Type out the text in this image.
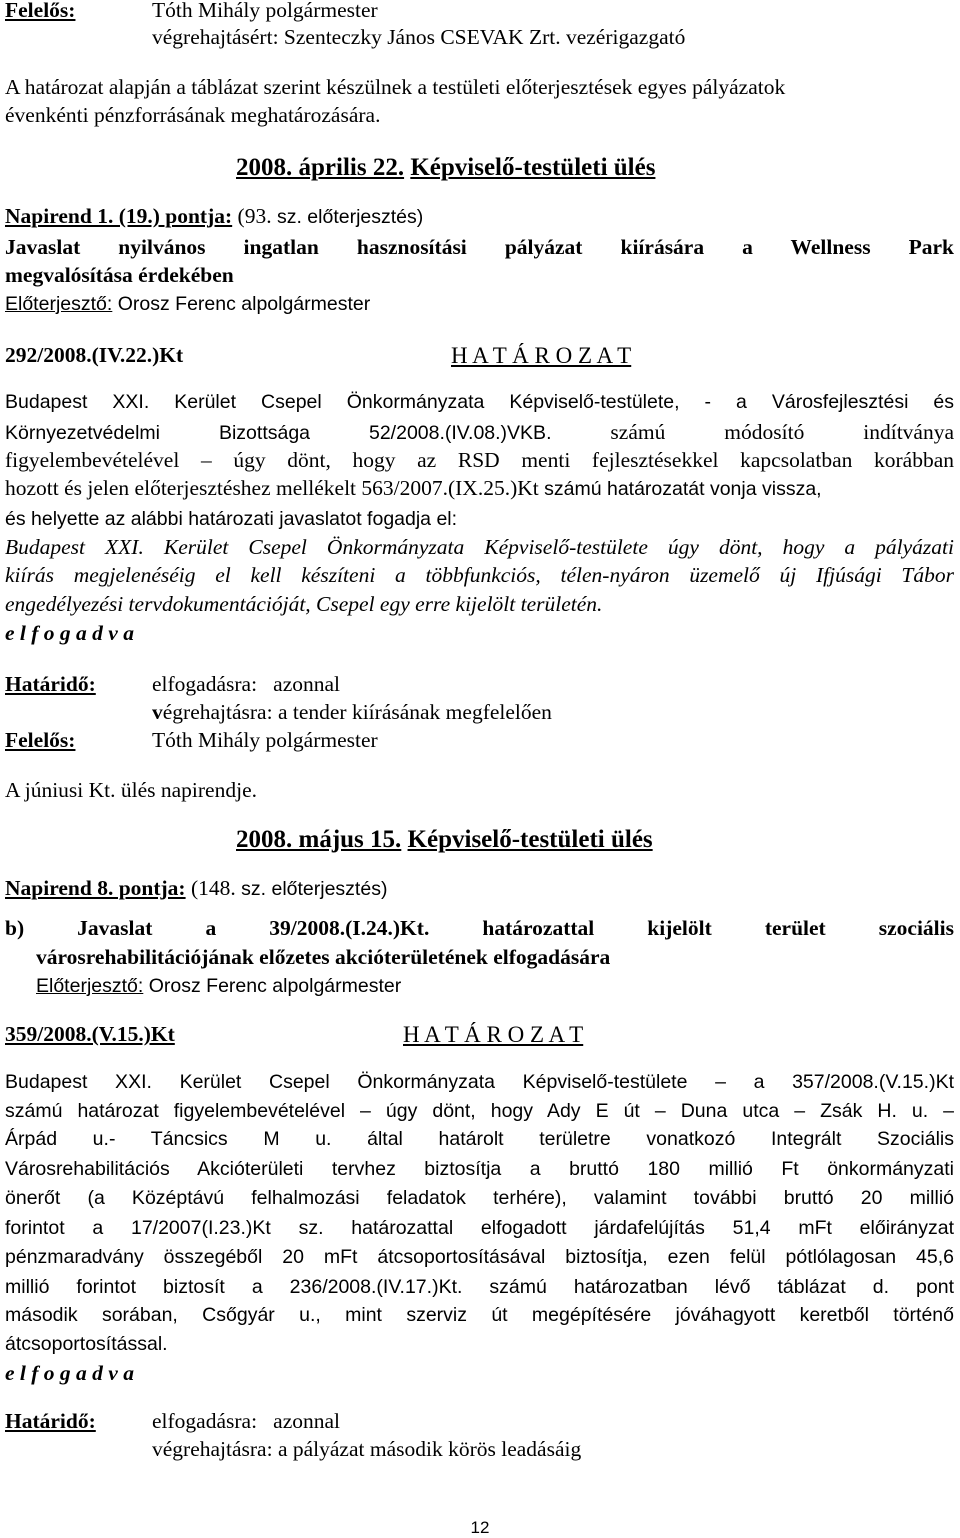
Felelős:	Tóth Mihály polgármester
végrehajtásért: Szenteczky János CSEVAK Zrt. vezérigazgató
A határozat alapján a táblázat szerint készülnek a testületi előterjesztések egyes pályázatok
évenkénti pénzforrásának meghatározására.
2008. április 22. Képviselő-testületi ülés
Napirend 1. (19.) pontja: (93. sz. előterjesztés)
Javaslat nyilvános ingatlan hasznosítási pályázat kiírására a Wellness Park
megvalósítása érdekében
Előterjesztő: Orosz Ferenc alpolgármester
292/2008.(IV.22.)Kt	H A T Á R O Z A T
Budapest XXI. Kerület Csepel Önkormányzata Képviselő-testülete, - a Városfejlesztési és
Környezetvédelmi Bizottsága 52/2008.(IV.08.)VKB.	számú módosító indítványa
figyelembevételével – úgy dönt, hogy az RSD menti fejlesztésekkel kapcsolatban korábban
hozott és jelen előterjesztéshez mellékelt 563/2007.(IX.25.)Kt számú határozatát vonja vissza,
és helyette az alábbi határozati javaslatot fogadja el:
Budapest XXI. Kerület Csepel Önkormányzata Képviselő-testülete úgy dönt, hogy a pályázati
kiírás megjelenéséig el kell készíteni a többfunkciós, télen-nyáron üzemelő új Ifjúsági Tábor
engedélyezési tervdokumentációját, Csepel egy erre kijelölt területén.
e l f o g a d v a
Határidő:	elfogadásra:   azonnal
végrehajtásra: a tender kiírásának megfelelően
Felelős:	Tóth Mihály polgármester
A júniusi Kt. ülés napirendje.
2008. május 15. Képviselő-testületi ülés
Napirend 8. pontja: (148. sz. előterjesztés)
b) Javaslat a 39/2008.(I.24.)Kt. határozattal kijelölt terület szociális
városrehabilitációjának előzetes akcióterületének elfogadására
Előterjesztő: Orosz Ferenc alpolgármester
359/2008.(V.15.)Kt	H A T Á R O Z A T
Budapest XXI. Kerület Csepel Önkormányzata Képviselő-testülete – a 357/2008.(V.15.)Kt
számú határozat figyelembevételével – úgy dönt, hogy Ady E út – Duna utca – Zsák H. u. –
Árpád u.- Táncsics M u. által határolt területre vonatkozó Integrált Szociális
Városrehabilitációs Akcióterületi tervhez biztosítja a bruttó 180 millió Ft önkormányzati
önerőt (a Középtávú felhalmozási feladatok terhére), valamint további bruttó 20 millió
forintot a 17/2007(I.23.)Kt sz. határozattal elfogadott járdafelújítás 51,4 mFt előirányzat
pénzmaradvány összegéből 20 mFt átcsoportosításával biztosítja, ezen felül pótlólagosan 45,6
millió forintot biztosít a 236/2008.(IV.17.)Kt. számú határozatban lévő táblázat d. pont
második sorában, Csőgyár u., mint szerviz út megépítésére jóváhagyott keretből történő
átcsoportosítással.
e l f o g a d v a
Határidő:	elfogadásra:   azonnal
végrehajtásra: a pályázat második körös leadásáig
12
